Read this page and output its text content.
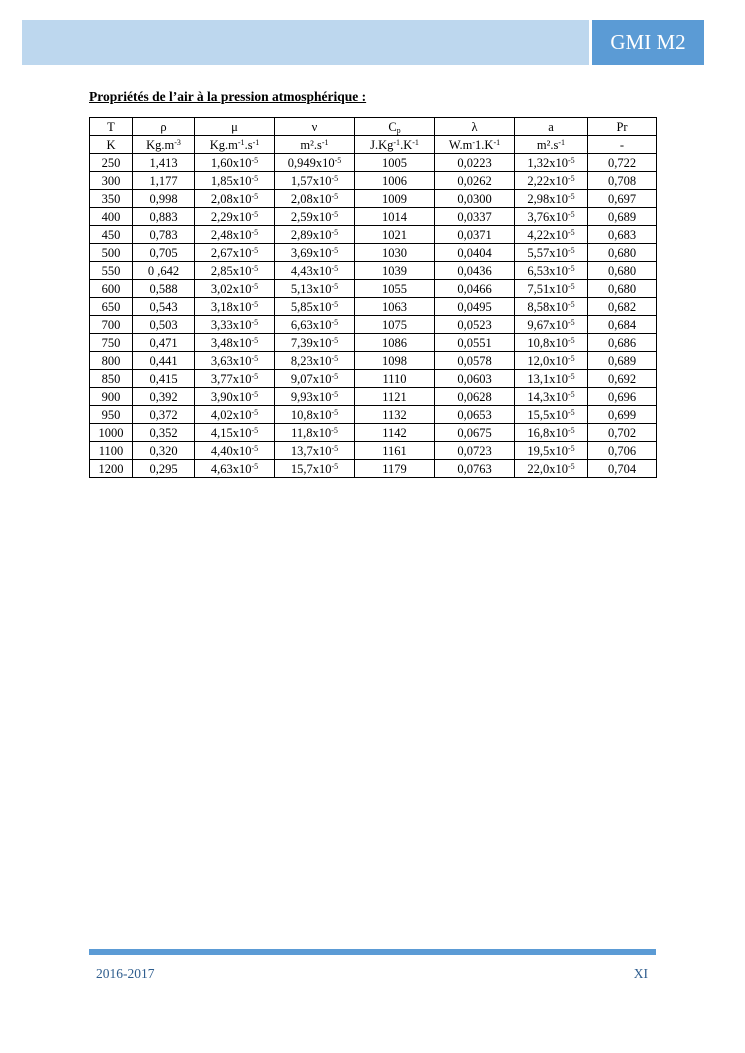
GMI M2
Propriétés de l’air à la pression atmosphérique :
T	ρ	μ	ν	$C_p$	λ	a	Pr
K	$Kg.m^{-3}$	$Kg.m^{-1}.s^{-1}$	$m^2.s^{-1}$	$J.Kg^{-1}.K^{-1}$	$W.m^-1.K^{-1}$	$m^2.s^{-1}$	-
250	1,413	$1,60x10^{-5}$	$0,949x10^{-5}$	1005	0,0223	$1,32x10^{-5}$	0,722
300	1,177	$1,85x10^{-5}$	$1,57x10^{-5}$	1006	0,0262	$2,22x10^{-5}$	0,708
350	0,998	$2,08x10^{-5}$	$2,08x10^{-5}$	1009	0,0300	$2,98x10^{-5}$	0,697
400	0,883	$2,29x10^{-5}$	$2,59x10^{-5}$	1014	0,0337	$3,76x10^{-5}$	0,689
450	0,783	$2,48x10^{-5}$	$2,89x10^{-5}$	1021	0,0371	$4,22x10^{-5}$	0,683
500	0,705	$2,67x10^{-5}$	$3,69x10^{-5}$	1030	0,0404	$5,57x10^{-5}$	0,680
550	0 ,642	$2,85x10^{-5}$	$4,43x10^{-5}$	1039	0,0436	$6,53x10^{-5}$	0,680
600	0,588	$3,02x10^{-5}$	$5,13x10^{-5}$	1055	0,0466	$7,51x10^{-5}$	0,680
650	0,543	$3,18x10^{-5}$	$5,85x10^{-5}$	1063	0,0495	$8,58x10^{-5}$	0,682
700	0,503	$3,33x10^{-5}$	$6,63x10^{-5}$	1075	0,0523	$9,67x10^{-5}$	0,684
750	0,471	$3,48x10^{-5}$	$7,39x10^{-5}$	1086	0,0551	$10,8x10^{-5}$	0,686
800	0,441	$3,63x10^{-5}$	$8,23x10^{-5}$	1098	0,0578	$12,0x10^{-5}$	0,689
850	0,415	$3,77x10^{-5}$	$9,07x10^{-5}$	1110	0,0603	$13,1x10^{-5}$	0,692
900	0,392	$3,90x10^{-5}$	$9,93x10^{-5}$	1121	0,0628	$14,3x10^{-5}$	0,696
950	0,372	$4,02x10^{-5}$	$10,8x10^{-5}$	1132	0,0653	$15,5x10^{-5}$	0,699
1000	0,352	$4,15x10^{-5}$	$11,8x10^{-5}$	1142	0,0675	$16,8x10^{-5}$	0,702
1100	0,320	$4,40x10^{-5}$	$13,7x10^{-5}$	1161	0,0723	$19,5x10^{-5}$	0,706
1200	0,295	$4,63x10^{-5}$	$15,7x10^{-5}$	1179	0,0763	$22,0x10^{-5}$	0,704
2016-2017	XI
